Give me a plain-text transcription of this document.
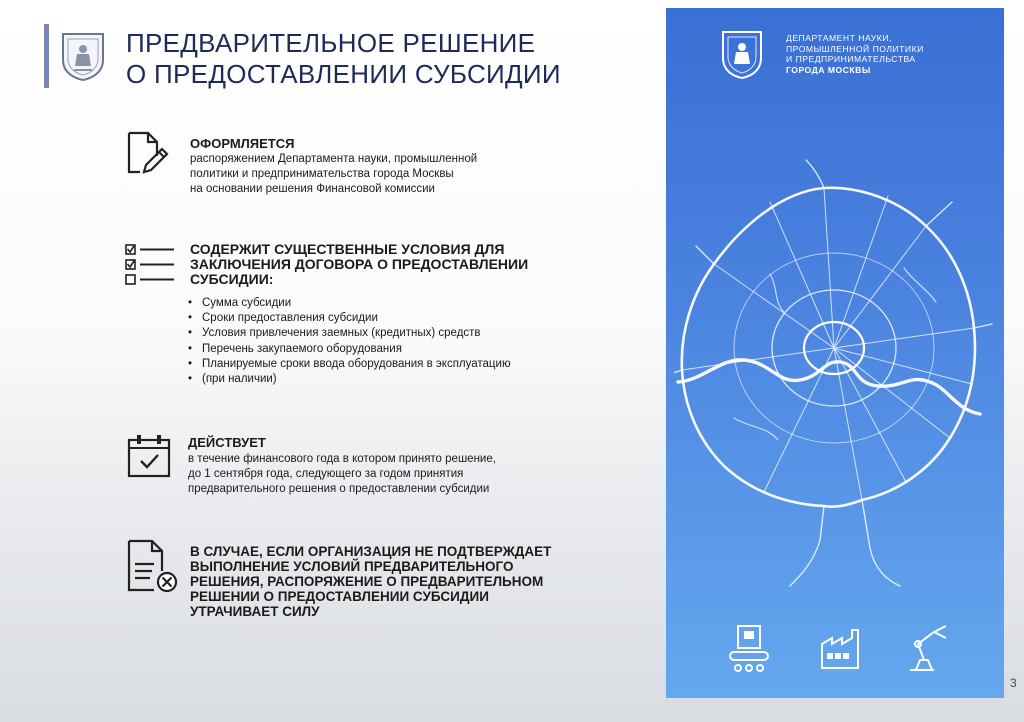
ПРЕДВАРИТЕЛЬНОЕ РЕШЕНИЕ
О ПРЕДОСТАВЛЕНИИ СУБСИДИИ
ОФОРМЛЯЕТСЯ
распоряжением Департамента науки, промышленной
политики и предпринимательства города Москвы
на основании решения Финансовой комиссии
СОДЕРЖИТ СУЩЕСТВЕННЫЕ УСЛОВИЯ ДЛЯ
ЗАКЛЮЧЕНИЯ ДОГОВОРА О ПРЕДОСТАВЛЕНИИ
СУБСИДИИ:
• Сумма субсидии
• Сроки предоставления субсидии
• Условия привлечения заемных (кредитных) средств
• Перечень закупаемого оборудования
• Планируемые сроки ввода оборудования в эксплуатацию
• (при наличии)
ДЕЙСТВУЕТ
в течение финансового года в котором принято решение,
до 1 сентября года, следующего за годом принятия
предварительного решения о предоставлении субсидии
В СЛУЧАЕ, ЕСЛИ ОРГАНИЗАЦИЯ НЕ ПОДТВЕРЖДАЕТ
ВЫПОЛНЕНИЕ УСЛОВИЙ ПРЕДВАРИТЕЛЬНОГО
РЕШЕНИЯ, РАСПОРЯЖЕНИЕ О ПРЕДВАРИТЕЛЬНОМ
РЕШЕНИИ О ПРЕДОСТАВЛЕНИИ СУБСИДИИ
УТРАЧИВАЕТ СИЛУ
ДЕПАРТАМЕНТ НАУКИ,
ПРОМЫШЛЕННОЙ ПОЛИТИКИ
И ПРЕДПРИНИМАТЕЛЬСТВА
ГОРОДА МОСКВЫ
3
